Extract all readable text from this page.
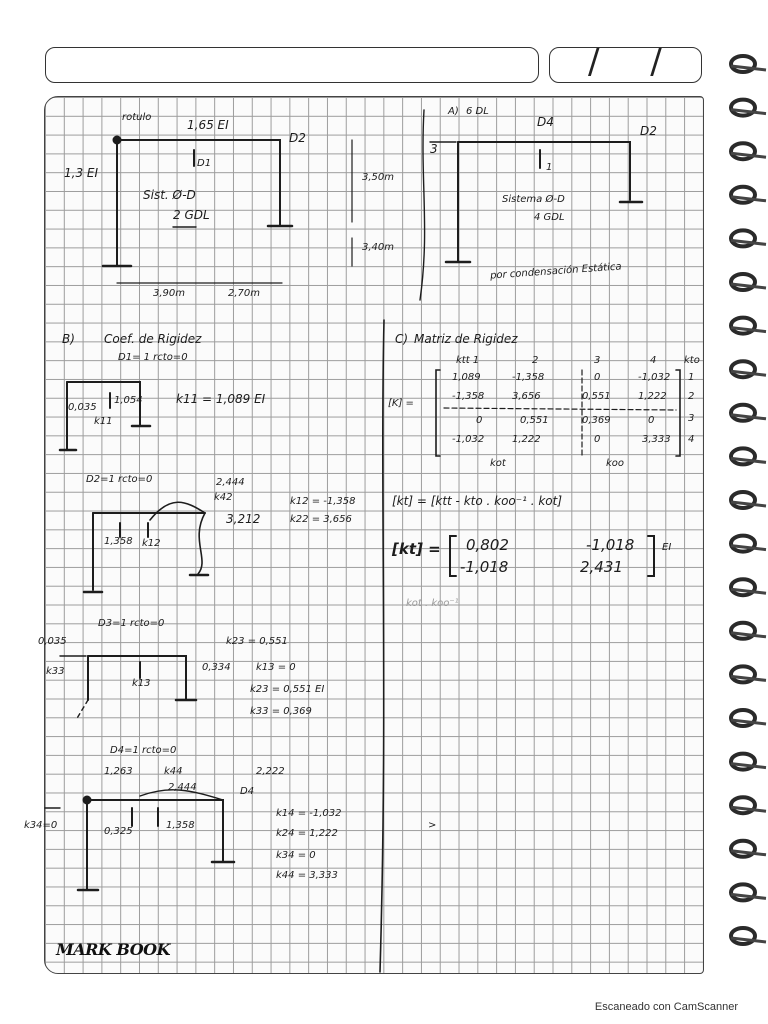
/ /
rotulo
1,65 EI
1,3 EI
D2
D1
Sist. Ø-D
2 GDL
3,90m	2,70m
3,50m
3,40m
A) 6 DL
D4
3
D2
1
Sistema Ø-D
4 GDL
por condensación Estática
B) Coef. de Rigidez
D1= 1 rcto=0
0,035
1,054
k11
k11 = 1,089 EI
D2=1 rcto=0	2,444
k42
1,358 k12
3,212
k12 = -1,358
k22 = 3,656
D3=1 rcto=0
0,035
k33
k23 = 0,551
k13
0,334	k13 = 0
k23 = 0,551 EI
k33 = 0,369
D4=1 rcto=0
1,263	k44
2,444
2,222
D4
0,325
1,358
k34=0
k14 = -1,032
k24 = 1,222
k34 = 0
k44 = 3,333
C) Matriz de Rigidez
ktt 1	2	3	4	kto
[K] =
1,089	-1,358	0	-1,032
-1,358	3,656	0,551	1,222
0	0,551	0,369	0
-1,032	1,222	0	3,333
1
2
3
4
kot	koo
[kt] = [ktt - kto . koo⁻¹ . kot]
[kt] = 0,802	-1,018
-1,018	2,431
EI
kot . koo⁻¹
>
MARK BOOK
Escaneado con CamScanner
